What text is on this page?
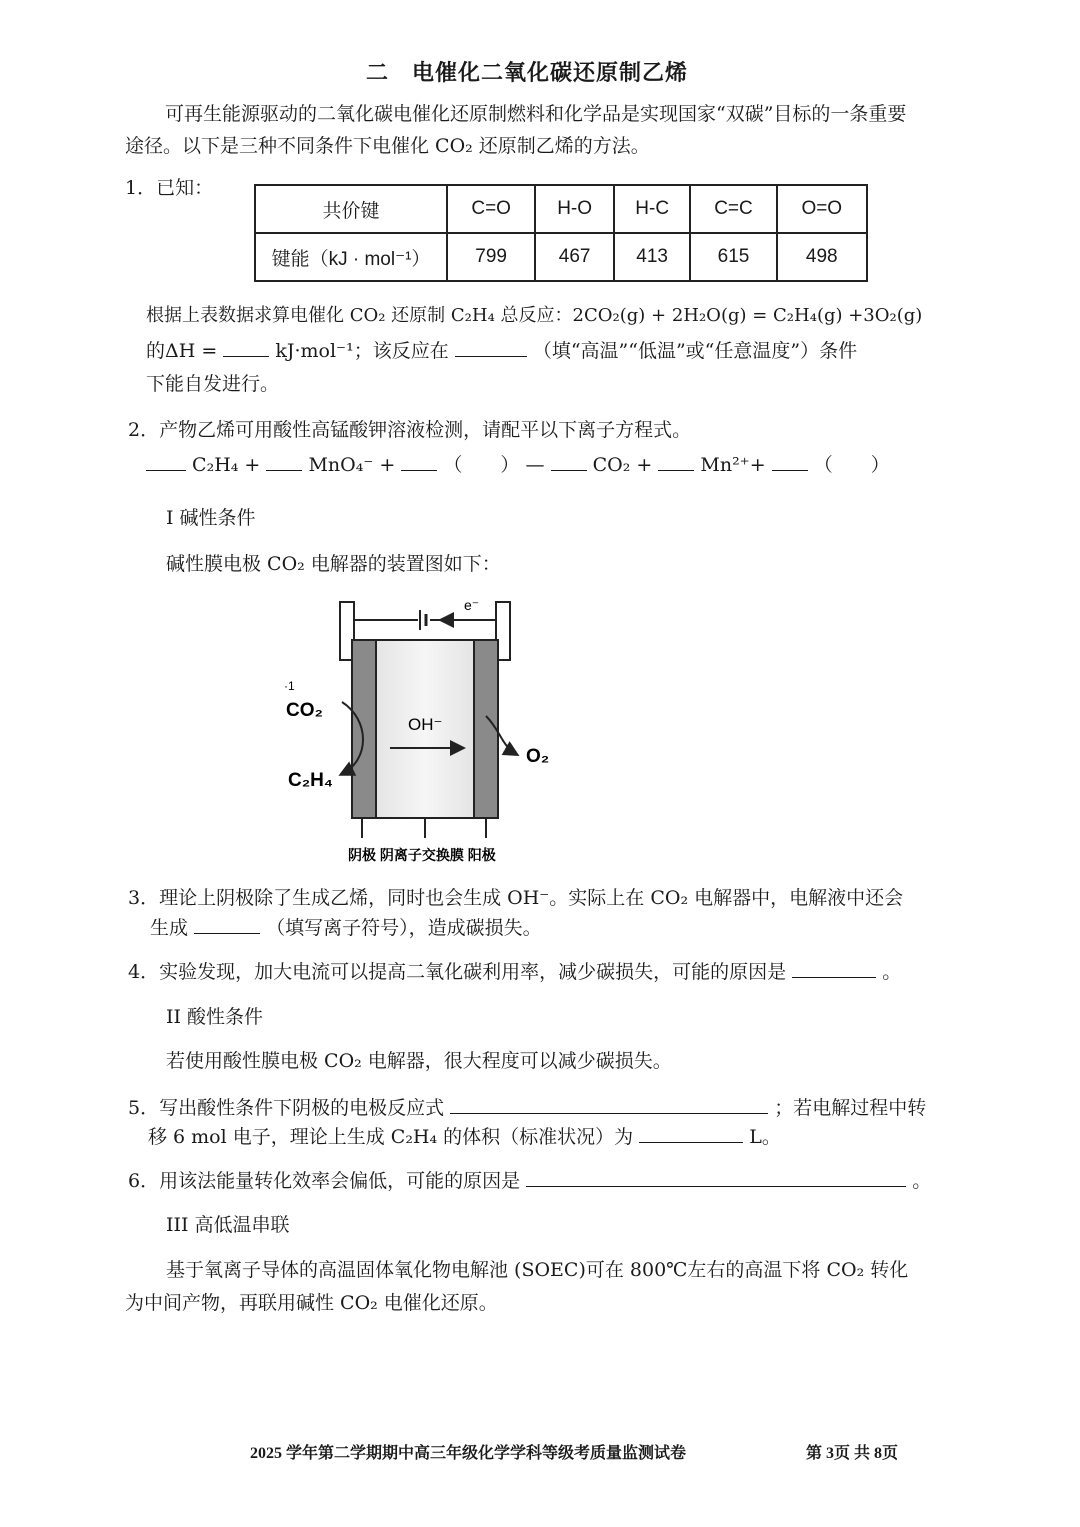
二　电催化二氧化碳还原制乙烯
可再生能源驱动的二氧化碳电催化还原制燃料和化学品是实现国家“双碳”目标的一条重要
途径。以下是三种不同条件下电催化 CO₂ 还原制乙烯的方法。
1．已知：
共价键	C=O	H-O	H-C	C=C	O=O
键能（kJ · mol⁻¹）	799	467	413	615	498
根据上表数据求算电催化 CO₂ 还原制 C₂H₄ 总反应：2CO₂(g) + 2H₂O(g) = C₂H₄(g) +3O₂(g)
的ΔH =	kJ·mol⁻¹；该反应在	（填“高温”“低温”或“任意温度”）条件
下能自发进行。
2．产物乙烯可用酸性高锰酸钾溶液检测，请配平以下离子方程式。
C₂H₄ +	MnO₄⁻ +	（　　） —	CO₂ +	Mn²⁺+	（　　）
I 碱性条件
碱性膜电极 CO₂ 电解器的装置图如下：
e⁻
OH⁻
·1
CO₂
C₂H₄
O₂
阴极 阴离子交换膜 阳极
3．理论上阴极除了生成乙烯，同时也会生成 OH⁻。实际上在 CO₂ 电解器中，电解液中还会
生成	（填写离子符号），造成碳损失。
4．实验发现，加大电流可以提高二氧化碳利用率，减少碳损失，可能的原因是	。
II 酸性条件
若使用酸性膜电极 CO₂ 电解器，很大程度可以减少碳损失。
5．写出酸性条件下阴极的电极反应式	；若电解过程中转
移 6 mol 电子，理论上生成 C₂H₄ 的体积（标准状况）为	L。
6．用该法能量转化效率会偏低，可能的原因是	。
III 高低温串联
基于氧离子导体的高温固体氧化物电解池 (SOEC)可在 800℃左右的高温下将 CO₂ 转化
为中间产物，再联用碱性 CO₂ 电催化还原。
2025 学年第二学期期中高三年级化学学科等级考质量监测试卷	第 3页 共 8页
